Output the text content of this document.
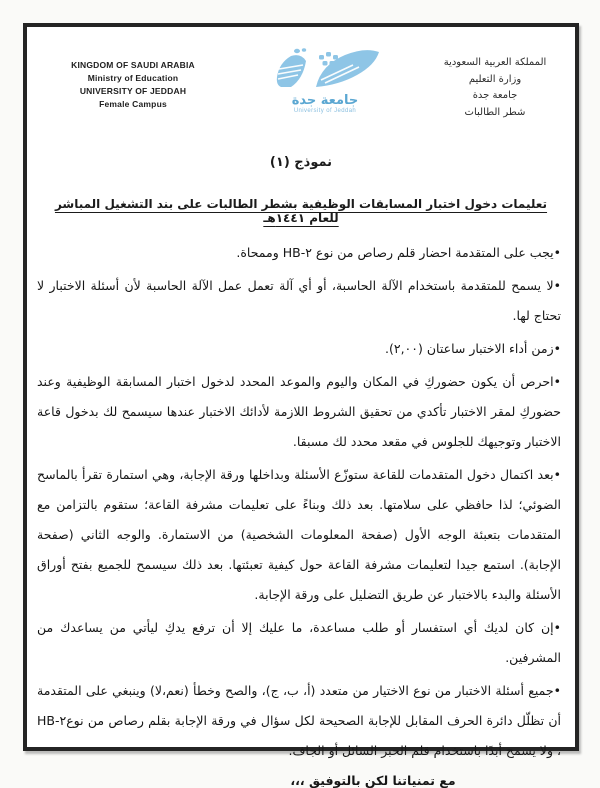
KINGDOM OF SAUDI ARABIA
Ministry of Education
UNIVERSITY OF JEDDAH
Female Campus	جامعة جدة
University of Jeddah
المملكة العربية السعودية
وزارة التعليم
جامعة جدة
شطر الطالبات
نموذج (١)
تعليمات دخول اختبار المسابقات الوظيفية بشطر الطالبات على بند التشغيل المباشر للعام ١٤٤١هـ

•يجب على المتقدمة احضار قلم رصاص من نوع ٢-HB وممحاة.

•لا يسمح للمتقدمة باستخدام الآلة الحاسبة، أو أي آلة تعمل عمل الآلة الحاسبة لأن أسئلة الاختبار لا تحتاج لها.

•زمن أداء الاختبار ساعتان (٢,٠٠).

•احرص أن يكون حضوركِ في المكان واليوم والموعد المحدد لدخول اختبار المسابقة الوظيفية وعند حضوركِ لمقر الاختبار تأكدي من تحقيق الشروط اللازمة لأدائك الاختبار عندها سيسمح لك بدخول قاعة الاختبار وتوجيهك للجلوس في مقعد محدد لك مسبقا.

•بعد اكتمال دخول المتقدمات للقاعة ستوزّع الأسئلة وبداخلها ورقة الإجابة، وهي استمارة تقرأ بالماسح الضوئي؛ لذا حافظي على سلامتها. بعد ذلك وبناءً على تعليمات مشرفة القاعة؛ ستقوم بالتزامن مع المتقدمات بتعبئة الوجه الأول (صفحة المعلومات الشخصية) من الاستمارة. والوجه الثاني (صفحة الإجابة). استمع جيدا لتعليمات مشرفة القاعة حول كيفية تعبئتها. بعد ذلك سيسمح للجميع بفتح أوراق الأسئلة والبدء بالاختبار عن طريق التضليل على ورقة الإجابة.

•إن كان لديك أي استفسار أو طلب مساعدة، ما عليك إلا أن ترفع يدكِ ليأتي من يساعدك من المشرفين.

•جميع أسئلة الاختبار من نوع الاختيار من متعدد (أ، ب، ج)، والصح وخطأ (نعم،لا) وينبغي على المتقدمة أن تظلّل دائرة الحرف المقابل للإجابة الصحيحة لكل سؤال في ورقة الإجابة بقلم رصاص من نوع٢-HB ، ولا يسمح أبدًا باستخدام قلم الحبر السائل أو الجاف.

مع تمنياتنا لكن بالتوفيق ،،،
